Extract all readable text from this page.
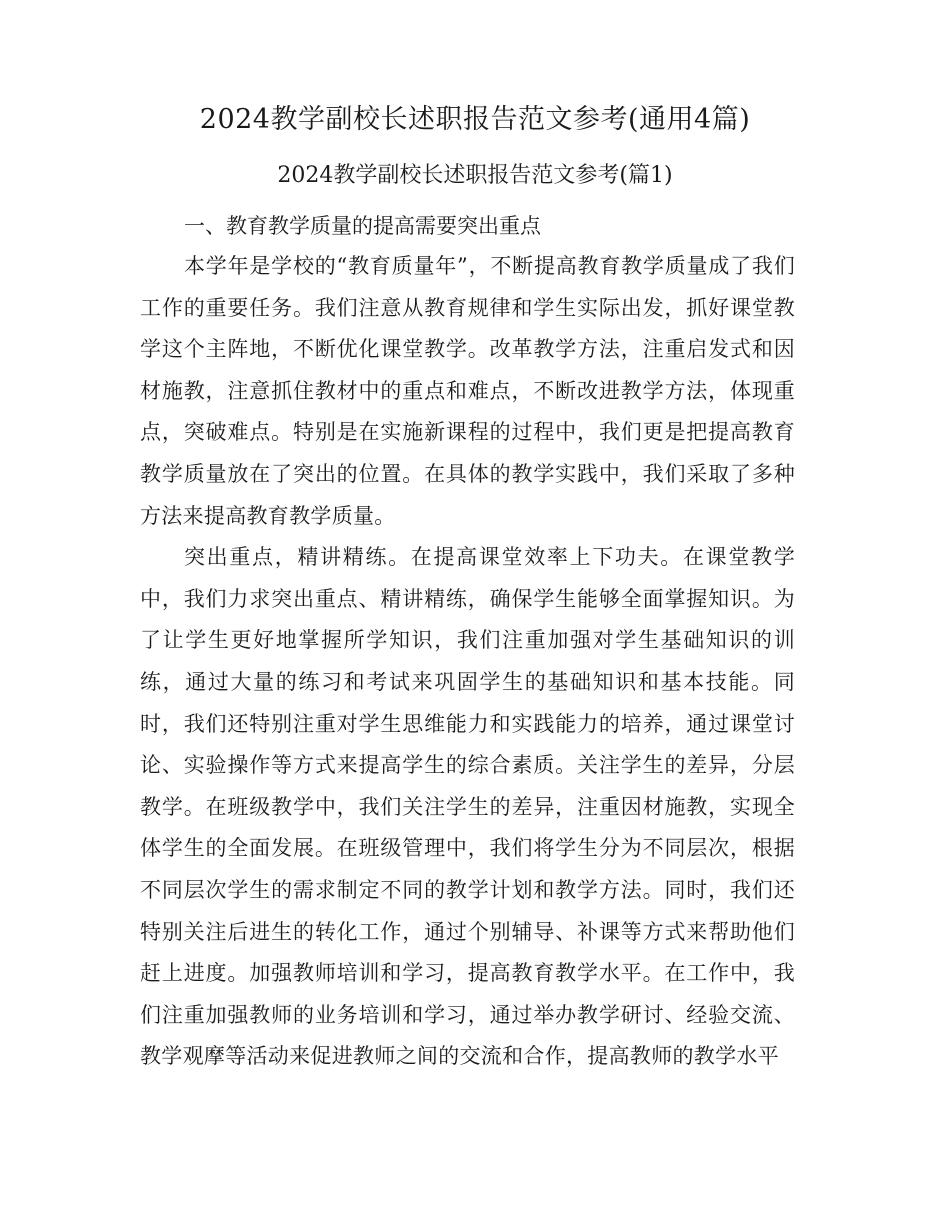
2024教学副校长述职报告范文参考(通用4篇)
2024教学副校长述职报告范文参考(篇1)

一、教育教学质量的提高需要突出重点

本学年是学校的“教育质量年”，不断提高教育教学质量成了我们工作的重要任务。我们注意从教育规律和学生实际出发，抓好课堂教学这个主阵地，不断优化课堂教学。改革教学方法，注重启发式和因材施教，注意抓住教材中的重点和难点，不断改进教学方法，体现重点，突破难点。特别是在实施新课程的过程中，我们更是把提高教育教学质量放在了突出的位置。在具体的教学实践中，我们采取了多种方法来提高教育教学质量。

突出重点，精讲精练。在提高课堂效率上下功夫。在课堂教学中，我们力求突出重点、精讲精练，确保学生能够全面掌握知识。为了让学生更好地掌握所学知识，我们注重加强对学生基础知识的训练，通过大量的练习和考试来巩固学生的基础知识和基本技能。同时，我们还特别注重对学生思维能力和实践能力的培养，通过课堂讨论、实验操作等方式来提高学生的综合素质。关注学生的差异，分层教学。在班级教学中，我们关注学生的差异，注重因材施教，实现全体学生的全面发展。在班级管理中，我们将学生分为不同层次，根据不同层次学生的需求制定不同的教学计划和教学方法。同时，我们还特别关注后进生的转化工作，通过个别辅导、补课等方式来帮助他们赶上进度。加强教师培训和学习，提高教育教学水平。在工作中，我们注重加强教师的业务培训和学习，通过举办教学研讨、经验交流、教学观摩等活动来促进教师之间的交流和合作，提高教师的教学水平
